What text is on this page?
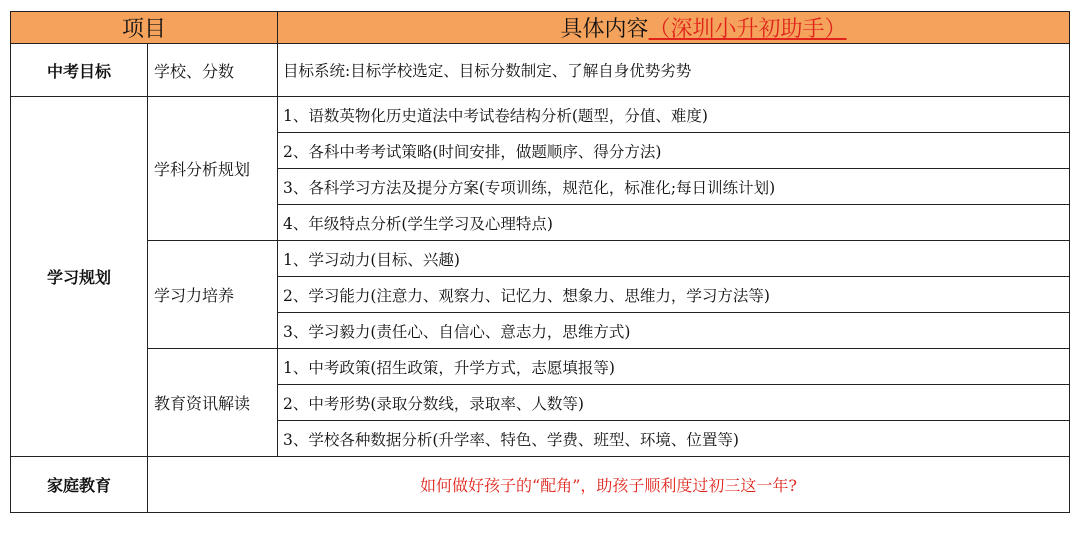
项目		具体内容（深圳小升初助手）
中考目标	学校、分数	目标系统:目标学校选定、目标分数制定、了解自身优势劣势
学习规划	学科分析规划	1、语数英物化历史道法中考试卷结构分析(题型，分值、难度)
		2、各科中考考试策略(时间安排，做题顺序、得分方法)
		3、各科学习方法及提分方案(专项训练，规范化，标准化;每日训练计划)
		4、年级特点分析(学生学习及心理特点)
	学习力培养	1、学习动力(目标、兴趣)
		2、学习能力(注意力、观察力、记忆力、想象力、思维力，学习方法等)
		3、学习毅力(责任心、自信心、意志力，思维方式)
	教育资讯解读	1、中考政策(招生政策，升学方式，志愿填报等)
		2、中考形势(录取分数线，录取率、人数等)
		3、学校各种数据分析(升学率、特色、学费、班型、环境、位置等)
家庭教育	如何做好孩子的“配角”，助孩子顺利度过初三这一年?	
